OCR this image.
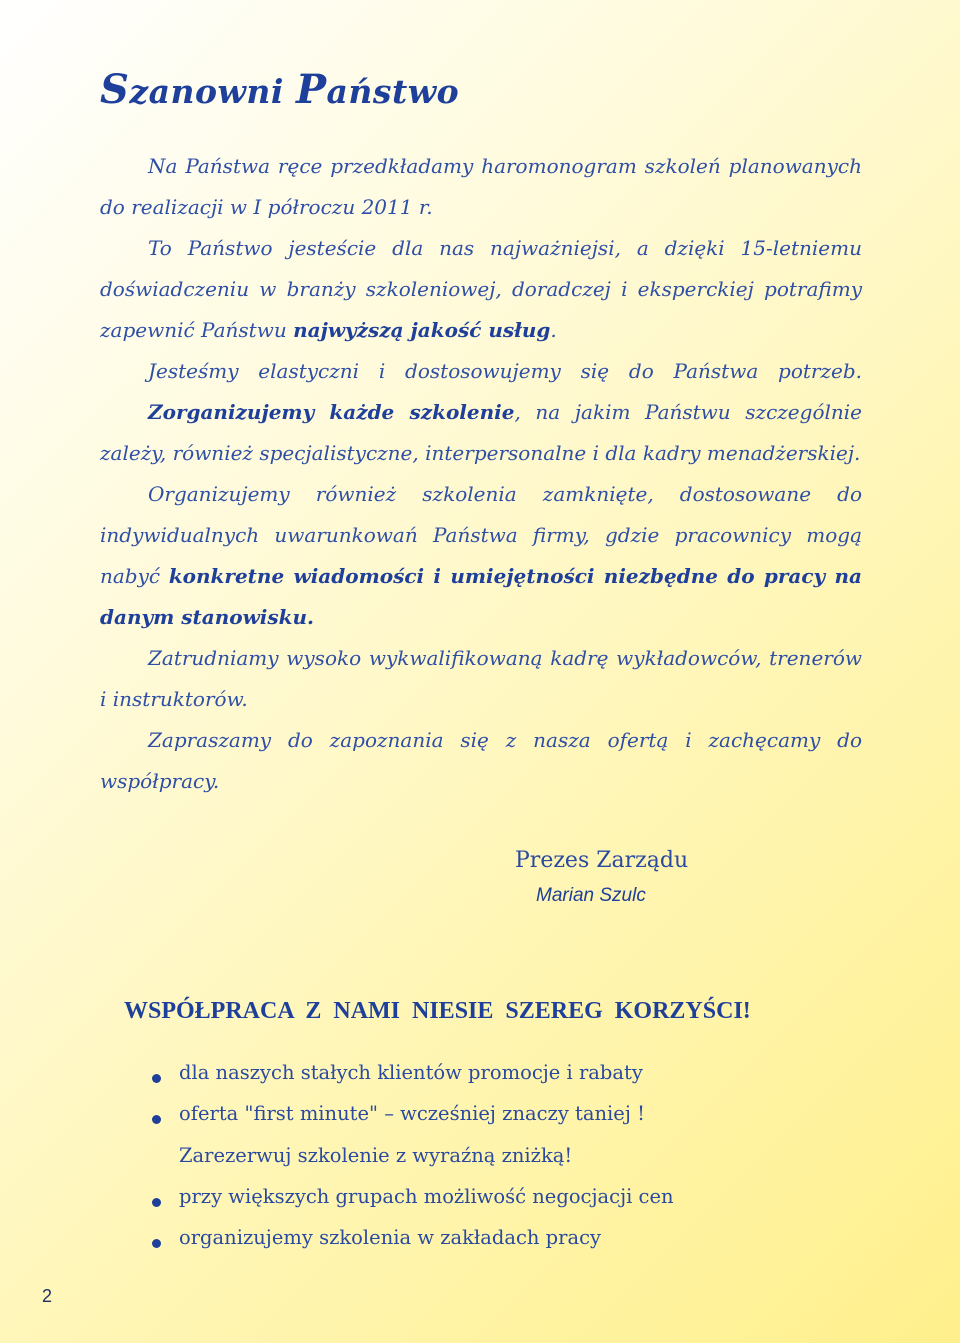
Szanowni Państwo

Na Państwa ręce przedkładamy haromonogram szkoleń planowanych do realizacji w I półroczu 2011 r.

To Państwo jesteście dla nas najważniejsi, a dzięki 15-letniemu doświadczeniu w branży szkoleniowej, doradczej i eksperckiej potrafimy zapewnić Państwu najwyższą jakość usług.

Jesteśmy elastyczni i dostosowujemy się do Państwa potrzeb.

Zorganizujemy każde szkolenie, na jakim Państwu szczególnie zależy, również specjalistyczne, interpersonalne i dla kadry menadżerskiej.

Organizujemy również szkolenia zamknięte, dostosowane do indywidualnych uwarunkowań Państwa firmy, gdzie pracownicy mogą nabyć konkretne wiadomości i umiejętności niezbędne do pracy na danym stanowisku.

Zatrudniamy wysoko wykwalifikowaną kadrę wykładowców, trenerów i instruktorów.

Zapraszamy do zapoznania się z nasza ofertą i zachęcamy do współpracy.

Prezes Zarządu
Marian Szulc
WSPÓŁPRACA Z NAMI NIESIE SZEREG KORZYŚCI!
dla naszych stałych klientów promocje i rabaty
oferta "first minute" – wcześniej znaczy taniej !
Zarezerwuj szkolenie z wyraźną zniżką!
przy większych grupach możliwość negocjacji cen
organizujemy szkolenia w zakładach pracy
2
